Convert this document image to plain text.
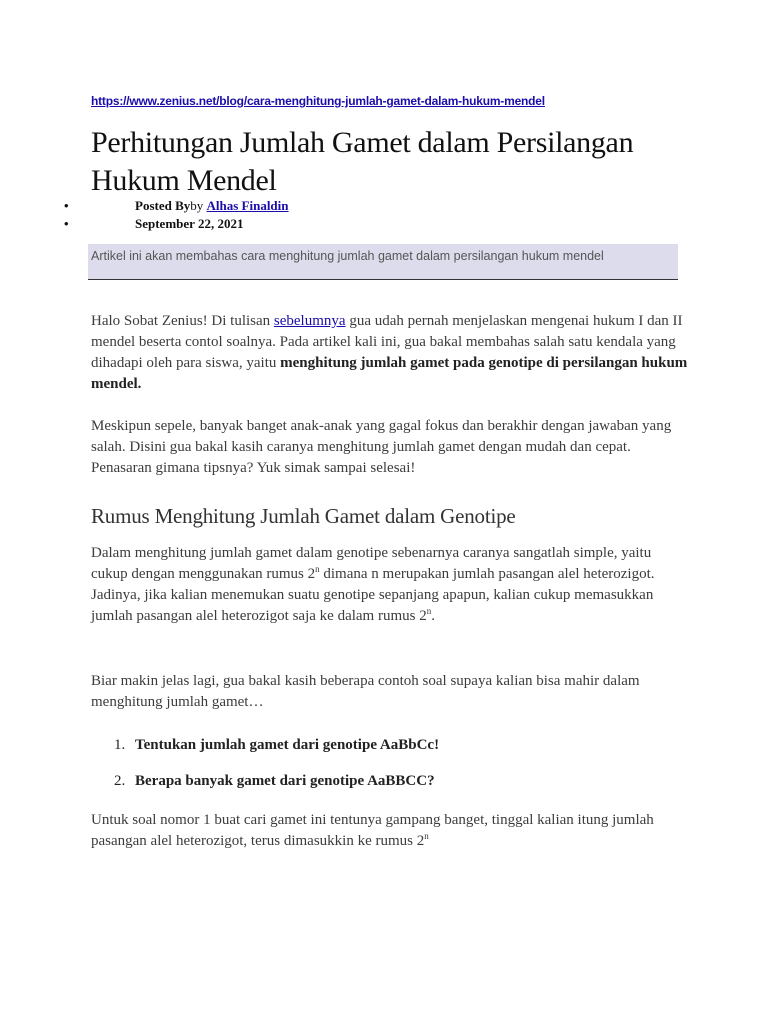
https://www.zenius.net/blog/cara-menghitung-jumlah-gamet-dalam-hukum-mendel
Perhitungan Jumlah Gamet dalam Persilangan Hukum Mendel
•	Posted Byby Alhas Finaldin
•	September 22, 2021
Artikel ini akan membahas cara menghitung jumlah gamet dalam persilangan hukum mendel

Halo Sobat Zenius! Di tulisan sebelumnya gua udah pernah menjelaskan mengenai hukum I dan II mendel beserta contol soalnya. Pada artikel kali ini, gua bakal membahas salah satu kendala yang dihadapi oleh para siswa, yaitu menghitung jumlah gamet pada genotipe di persilangan hukum mendel.

Meskipun sepele, banyak banget anak-anak yang gagal fokus dan berakhir dengan jawaban yang salah. Disini gua bakal kasih caranya menghitung jumlah gamet dengan mudah dan cepat. Penasaran gimana tipsnya? Yuk simak sampai selesai!

Rumus Menghitung Jumlah Gamet dalam Genotipe

Dalam menghitung jumlah gamet dalam genotipe sebenarnya caranya sangatlah simple, yaitu cukup dengan menggunakan rumus 2$^n$ dimana n merupakan jumlah pasangan alel heterozigot. Jadinya, jika kalian menemukan suatu genotipe sepanjang apapun, kalian cukup memasukkan jumlah pasangan alel heterozigot saja ke dalam rumus 2$^n$.

Biar makin jelas lagi, gua bakal kasih beberapa contoh soal supaya kalian bisa mahir dalam menghitung jumlah gamet…

1. Tentukan jumlah gamet dari genotipe AaBbCc!
2. Berapa banyak gamet dari genotipe AaBBCC?

Untuk soal nomor 1 buat cari gamet ini tentunya gampang banget, tinggal kalian itung jumlah pasangan alel heterozigot, terus dimasukkin ke rumus 2$^n$
